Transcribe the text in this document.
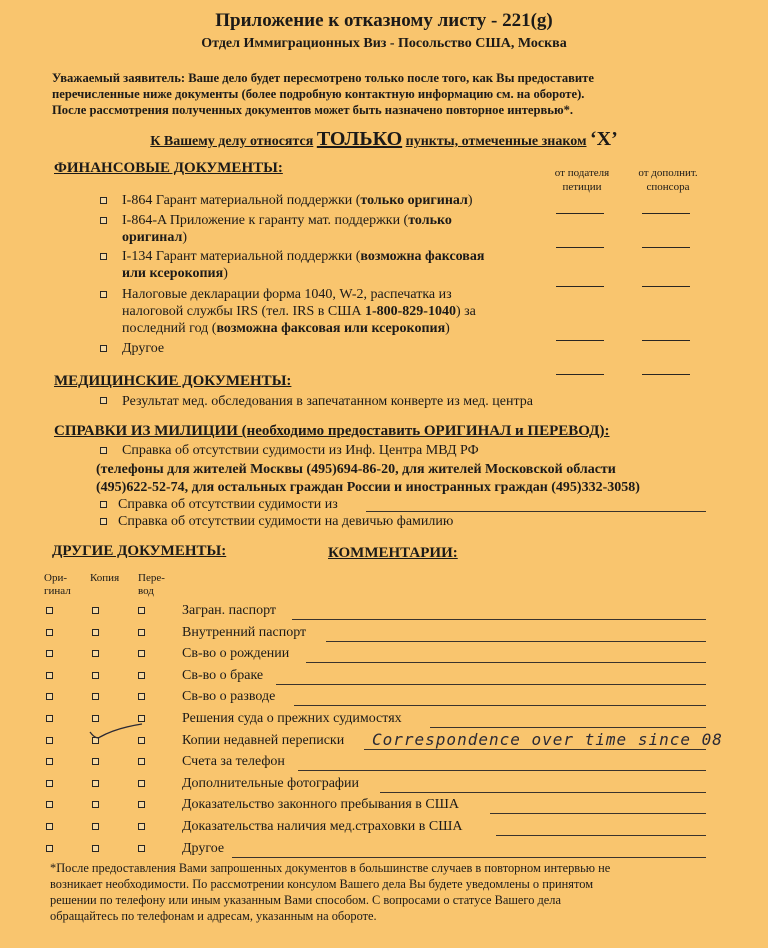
Приложение к отказному листу - 221(g)
Отдел Иммиграционных Виз - Посольство США, Москва
Уважаемый заявитель: Ваше дело будет пересмотрено только после того, как Вы предоставите
перечисленные ниже документы (более подробную контактную информацию см. на обороте).
После рассмотрения полученных документов может быть назначено повторное интервью*.
К Вашему делу относятся ТОЛЬКО пункты, отмеченные знаком ‘Х’
ФИНАНСОВЫЕ ДОКУМЕНТЫ:	от подателя петиции
от дополнит. спонсора
I-864 Гарант материальной поддержки (только оригинал)
I-864-A Приложение к гаранту мат. поддержки (только
оригинал)
I-134 Гарант материальной поддержки (возможна факсовая
или ксерокопия)
Налоговые декларации форма 1040, W-2, распечатка из
налоговой службы IRS (тел. IRS в США 1-800-829-1040) за
последний год (возможна факсовая или ксерокопия)
Другое
МЕДИЦИНСКИЕ ДОКУМЕНТЫ:
Результат мед. обследования в запечатанном конверте из мед. центра
СПРАВКИ ИЗ МИЛИЦИИ (необходимо предоставить ОРИГИНАЛ и ПЕРЕВОД):
Справка об отсутствии судимости из Инф. Центра МВД РФ
(телефоны для жителей Москвы (495)694-86-20, для жителей Московской области
(495)622-52-74, для остальных граждан России и иностранных граждан (495)332-3058)
Справка об отсутствии судимости из
Справка об отсутствии судимости на девичью фамилию
ДРУГИЕ ДОКУМЕНТЫ:	КОММЕНТАРИИ:
Ори- гинал
Копия Пере- вод
Загран. паспорт
Внутренний паспорт
Св-во о рождении
Св-во о браке
Св-во о разводе
Решения суда о прежних судимостях
Копии недавней переписки
Счета за телефон
Дополнительные фотографии
Доказательство законного пребывания в США
Доказательства наличия мед.страховки в США
Другое
Correspondence over time since 08
*После предоставления Вами запрошенных документов в большинстве случаев в повторном интервью не
возникает необходимости. По рассмотрении консулом Вашего дела Вы будете уведомлены о принятом
решении по телефону или иным указанным Вами способом. С вопросами о статусе Вашего дела
обращайтесь по телефонам и адресам, указанным на обороте.
